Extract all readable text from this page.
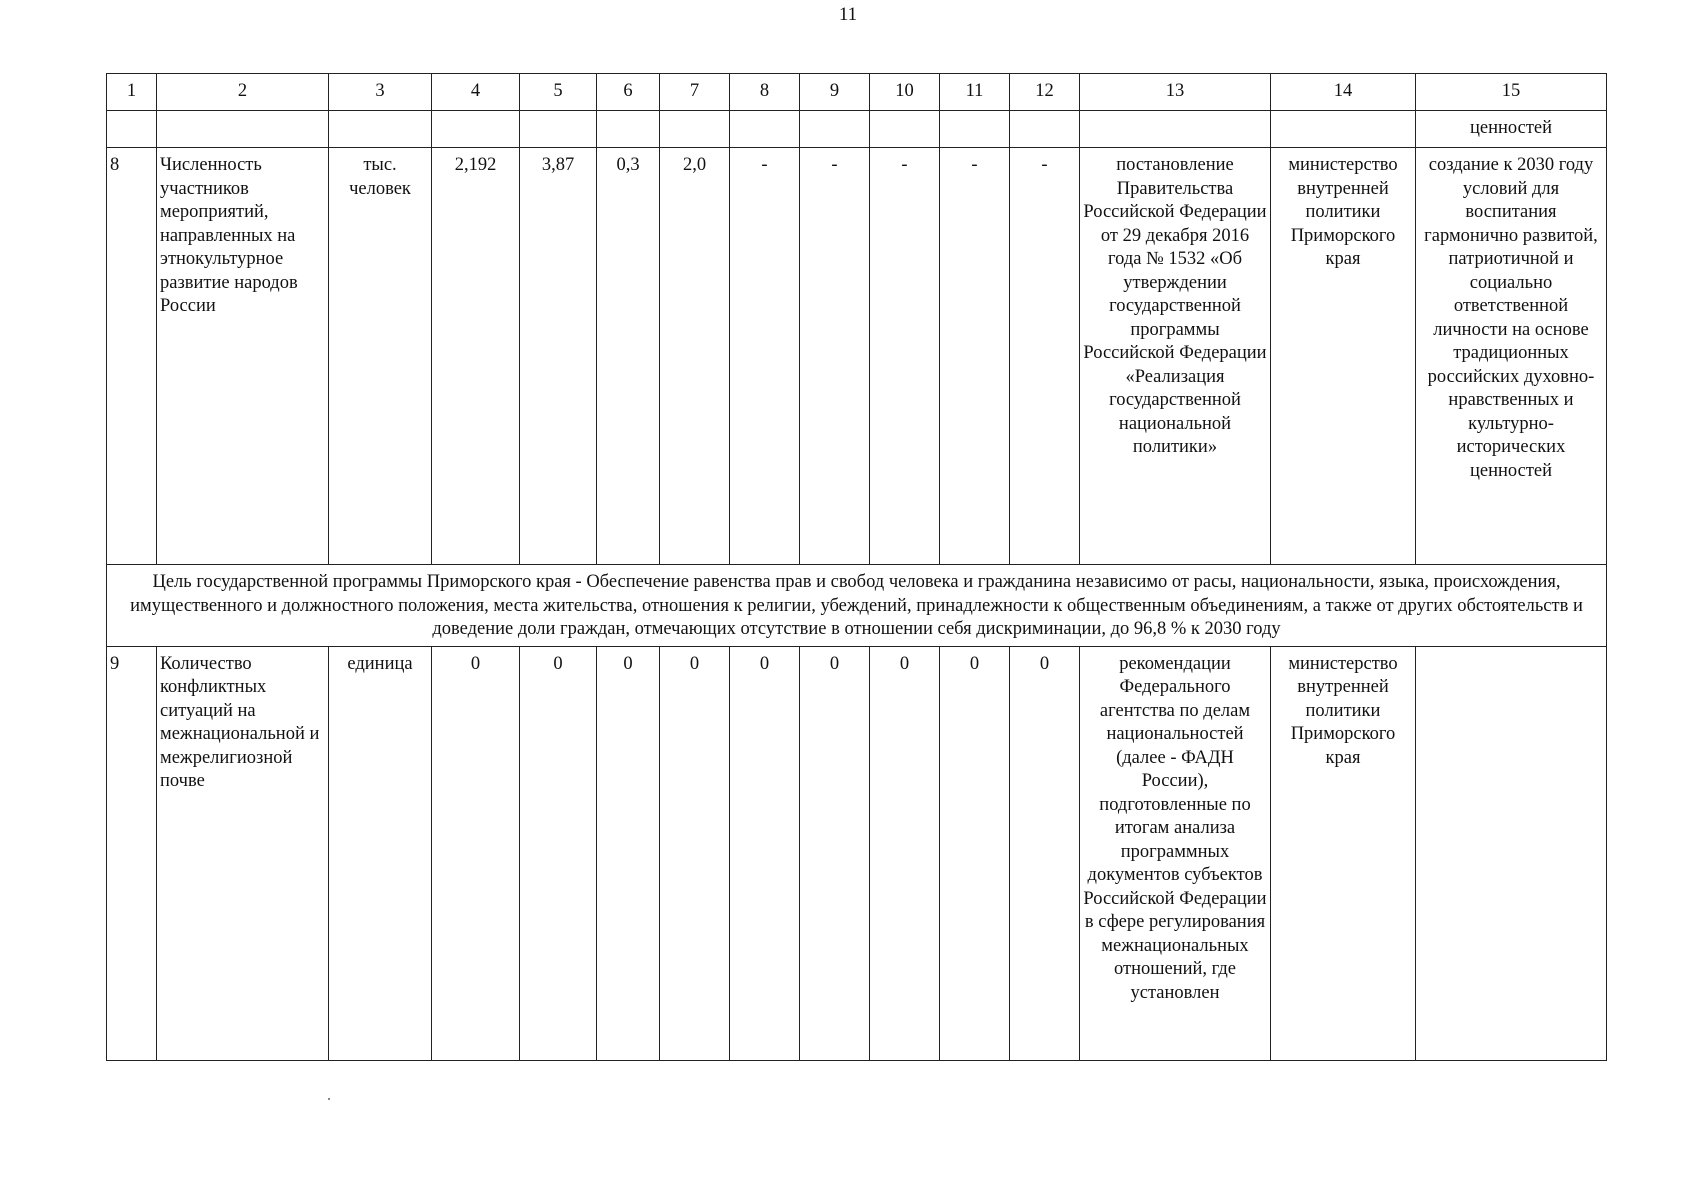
11
1	2	3	4	5	6	7	8	9	10	11	12	13	14	15
														ценностей
8	Численность участников мероприятий, направленных на этнокультурное развитие народов России	тыс. человек	2,192	3,87	0,3	2,0	-	-	-	-	-	постановление Правительства Российской Федерации от 29 декабря 2016 года № 1532 «Об утверждении государственной программы Российской Федерации «Реализация государственной национальной политики»	министерство внутренней политики Приморского края	создание к 2030 году условий для воспитания гармонично развитой, патриотичной и социально ответственной личности на основе традиционных российских духовно-нравственных и культурно-исторических ценностей
Цель государственной программы Приморского края - Обеспечение равенства прав и свобод человека и гражданина независимо от расы, национальности, языка, происхождения, имущественного и должностного положения, места жительства, отношения к религии, убеждений, принадлежности к общественным объединениям, а также от других обстоятельств и доведение доли граждан, отмечающих отсутствие в отношении себя дискриминации, до 96,8 % к 2030 году														
9	Количество конфликтных ситуаций на межнациональной и межрелигиозной почве	единица	0	0	0	0	0	0	0	0	0	рекомендации Федерального агентства по делам национальностей (далее - ФАДН России), подготовленные по итогам анализа программных документов субъектов Российской Федерации в сфере регулирования межнациональных отношений, где установлен	министерство внутренней политики Приморского края	
